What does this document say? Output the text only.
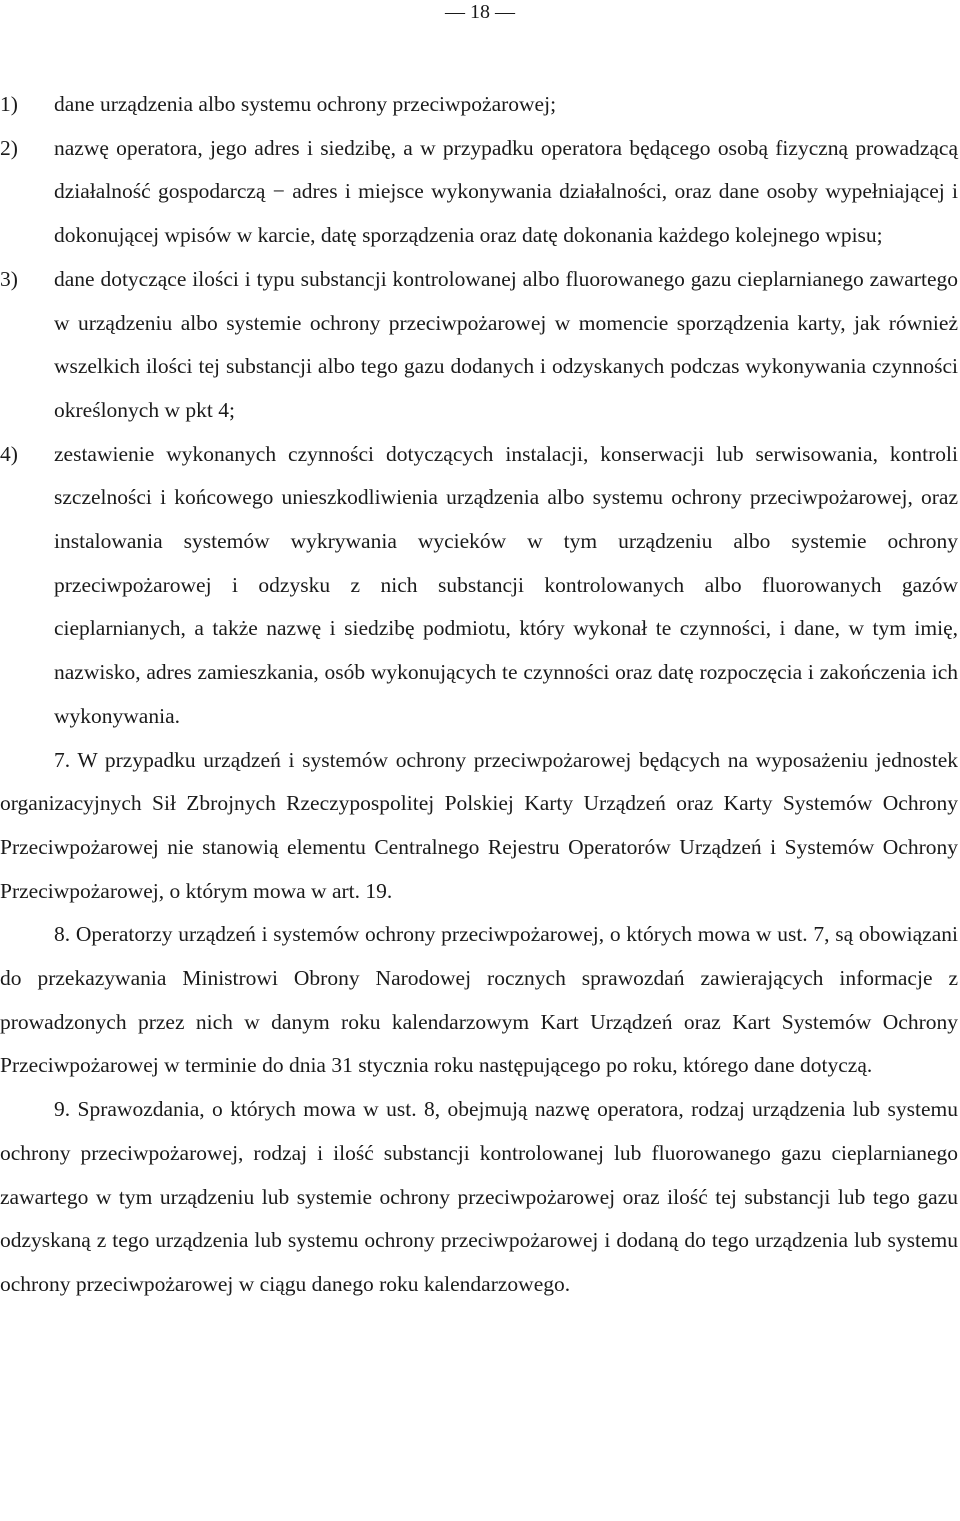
— 18 —
1) dane urządzenia albo systemu ochrony przeciwpożarowej;
2) nazwę operatora, jego adres i siedzibę, a w przypadku operatora będącego osobą fizyczną prowadzącą działalność gospodarczą − adres i miejsce wykonywania działalności, oraz dane osoby wypełniającej i dokonującej wpisów w karcie, datę sporządzenia oraz datę dokonania każdego kolejnego wpisu;
3) dane dotyczące ilości i typu substancji kontrolowanej albo fluorowanego gazu cieplarnianego zawartego w urządzeniu albo systemie ochrony przeciwpożarowej w momencie sporządzenia karty, jak również wszelkich ilości tej substancji albo tego gazu dodanych i odzyskanych podczas wykonywania czynności określonych w pkt 4;
4) zestawienie wykonanych czynności dotyczących instalacji, konserwacji lub serwisowania, kontroli szczelności i końcowego unieszkodliwienia urządzenia albo systemu ochrony przeciwpożarowej, oraz instalowania systemów wykrywania wycieków w tym urządzeniu albo systemie ochrony przeciwpożarowej i odzysku z nich substancji kontrolowanych albo fluorowanych gazów cieplarnianych, a także nazwę i siedzibę podmiotu, który wykonał te czynności, i dane, w tym imię, nazwisko, adres zamieszkania, osób wykonujących te czynności oraz datę rozpoczęcia i zakończenia ich wykonywania.

7. W przypadku urządzeń i systemów ochrony przeciwpożarowej będących na wyposażeniu jednostek organizacyjnych Sił Zbrojnych Rzeczypospolitej Polskiej Karty Urządzeń oraz Karty Systemów Ochrony Przeciwpożarowej nie stanowią elementu Centralnego Rejestru Operatorów Urządzeń i Systemów Ochrony Przeciwpożarowej, o którym mowa w art. 19.

8. Operatorzy urządzeń i systemów ochrony przeciwpożarowej, o których mowa w ust. 7, są obowiązani do przekazywania Ministrowi Obrony Narodowej rocznych sprawozdań zawierających informacje z prowadzonych przez nich w danym roku kalendarzowym Kart Urządzeń oraz Kart Systemów Ochrony Przeciwpożarowej w terminie do dnia 31 stycznia roku następującego po roku, którego dane dotyczą.

9. Sprawozdania, o których mowa w ust. 8, obejmują nazwę operatora, rodzaj urządzenia lub systemu ochrony przeciwpożarowej, rodzaj i ilość substancji kontrolowanej lub fluorowanego gazu cieplarnianego zawartego w tym urządzeniu lub systemie ochrony przeciwpożarowej oraz ilość tej substancji lub tego gazu odzyskaną z tego urządzenia lub systemu ochrony przeciwpożarowej i dodaną do tego urządzenia lub systemu ochrony przeciwpożarowej w ciągu danego roku kalendarzowego.
